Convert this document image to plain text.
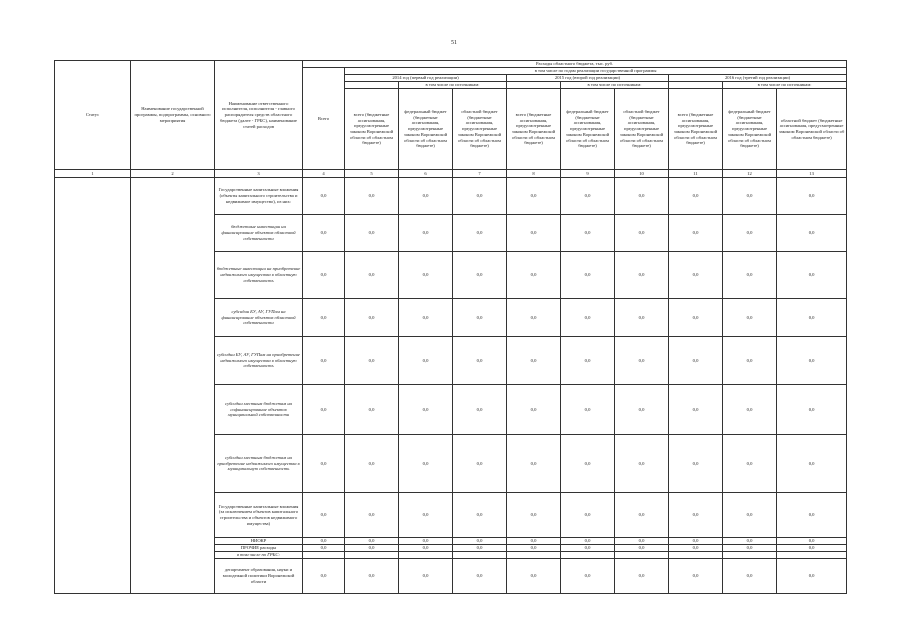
51
Статус	Наименование государственной программы, подпрограммы, основного мероприятия	Наименование ответственного исполнителя, исполнителя - главного распорядителя средств областного бюджета (далее - ГРБС), наименование статей расходов	Расходы областного бюджета, тыс. руб.									
			Всего	в том числе по годам реализации государственной программы								
				2014 год (первый год реализации)			2015 год (второй год реализации)			2016 год (третий год реализации)		
					в том числе по источникам:			в том числе по источникам:			в том числе по источникам:	
				всего (бюджетные ассигнования, предусмотренные законом Воронежской области об областном бюджете)	федеральный бюджет (бюджетные ассигнования, предусмотренные законом Воронежской области об областном бюджете)	областной бюджет (бюджетные ассигнования, предусмотренные законом Воронежской области об областном бюджете)	всего (бюджетные ассигнования, предусмотренные законом Воронежской области об областном бюджете)	федеральный бюджет (бюджетные ассигнования, предусмотренные законом Воронежской области об областном бюджете)	областной бюджет (бюджетные ассигнования, предусмотренные законом Воронежской области об областном бюджете)	всего (бюджетные ассигнования, предусмотренные законом Воронежской области об областном бюджете)	федеральный бюджет (бюджетные ассигнования, предусмотренные законом Воронежской области об областном бюджете)	областной бюджет (бюджетные ассигнования, предусмотренные законом Воронежской области об областном бюджете)
1	2	3	4	5	6	7	8	9	10	11	12	13
		Государственные капитальные вложения (объекты капитального строительства и недвижимое имущество), из них:	0,0	0,0	0,0	0,0	0,0	0,0	0,0	0,0	0,0	0,0
		бюджетные инвестиции на финансирование объектов областной собственности	0,0	0,0	0,0	0,0	0,0	0,0	0,0	0,0	0,0	0,0
		бюджетные инвестиции на приобретение недвижимого имущества в областную собственность	0,0	0,0	0,0	0,0	0,0	0,0	0,0	0,0	0,0	0,0
		субсидии БУ, АУ, ГУПам на финансирование объектов областной собственности	0,0	0,0	0,0	0,0	0,0	0,0	0,0	0,0	0,0	0,0
		субсидии БУ, АУ, ГУПам на приобретение недвижимого имущества в областную собственность	0,0	0,0	0,0	0,0	0,0	0,0	0,0	0,0	0,0	0,0
		субсидии местным бюджетам на софинансирование объектов муниципальной собственности	0,0	0,0	0,0	0,0	0,0	0,0	0,0	0,0	0,0	0,0
		субсидии местным бюджетам на приобретение недвижимого имущества в муниципальную собственность	0,0	0,0	0,0	0,0	0,0	0,0	0,0	0,0	0,0	0,0
		Государственные капитальные вложения (за исключением объектов капитального строительства и объектов недвижимого имущества)	0,0	0,0	0,0	0,0	0,0	0,0	0,0	0,0	0,0	0,0
		НИОКР	0,0	0,0	0,0	0,0	0,0	0,0	0,0	0,0	0,0	0,0
		ПРОЧИЕ расходы	0,0	0,0	0,0	0,0	0,0	0,0	0,0	0,0	0,0	0,0
		в том числе по ГРБС:										
		департамент образования, науки и молодежной политики Воронежской области	0,0	0,0	0,0	0,0	0,0	0,0	0,0	0,0	0,0	0,0
